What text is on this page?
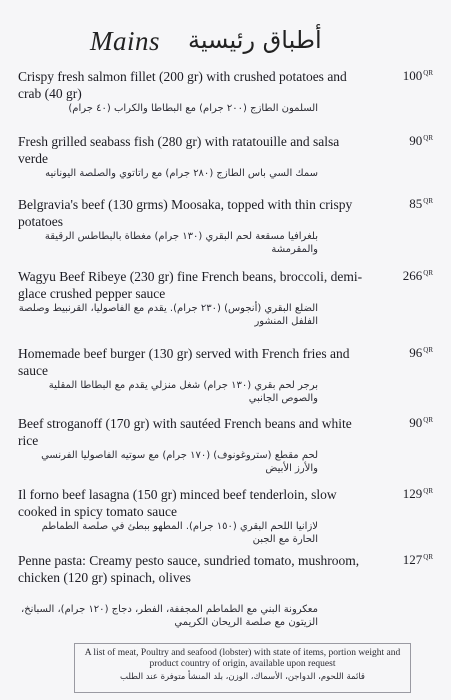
Mains أطباق رئيسية
Crispy fresh salmon fillet (200 gr) with crushed potatoes and crab (40 gr)
السلمون الطازج (٢٠٠ جرام) مع البطاطا والكراب (٤٠ جرام)
$100^{QR}$
Fresh grilled seabass fish (280 gr) with ratatouille and salsa verde
سمك السي باس الطازج (٢٨٠ جرام) مع راتاتوي والصلصة اليونانيه
$90^{QR}$
Belgravia's beef (130 grms) Moosaka, topped with thin crispy potatoes
بلغرافيا مسقعة لحم البقري (١٣٠ جرام) مغطاة بالبطاطس الرقيقة والمقرمشة
$85^{QR}$
Wagyu Beef Ribeye (230 gr) fine French beans, broccoli, demi-glace crushed pepper sauce
الضلع البقري (أنجوس) (٢٣٠ جرام). يقدم مع الفاصوليا، القرنبيط وصلصة الفلفل المنشور
$266^{QR}$
Homemade beef burger (130 gr) served with French fries and sauce
برجر لحم بقري (١٣٠ جرام) شغل منزلي يقدم مع البطاطا المقلية والصوص الجانبي
$96^{QR}$
Beef stroganoff (170 gr) with sautéed French beans and white rice
لحم مقطع (ستروغونوف) (١٧٠ جرام) مع سوتيه الفاصوليا الفرنسي والأرز الأبيض
$90^{QR}$
Il forno beef lasagna (150 gr) minced beef tenderloin, slow cooked in spicy tomato sauce
لازانيا اللحم البقري (١٥٠ جرام). المطهو ببطئ في صلصة الطماطم الحارة مع الجبن
$129^{QR}$
Penne pasta: Creamy pesto sauce, sundried tomato, mushroom, chicken (120 gr) spinach, olives
معكرونة البني مع الطماطم المجففة، الفطر، دجاج (١٢٠ جرام)، السبانخ، الزيتون مع صلصة الريحان الكريمي
$127^{QR}$
A list of meat, Poultry and seafood (lobster) with state of items, portion weight and product country of origin, available upon request
قائمة اللحوم، الدواجن، الأسماك، الوزن، بلد المنشأ متوفرة عند الطلب
